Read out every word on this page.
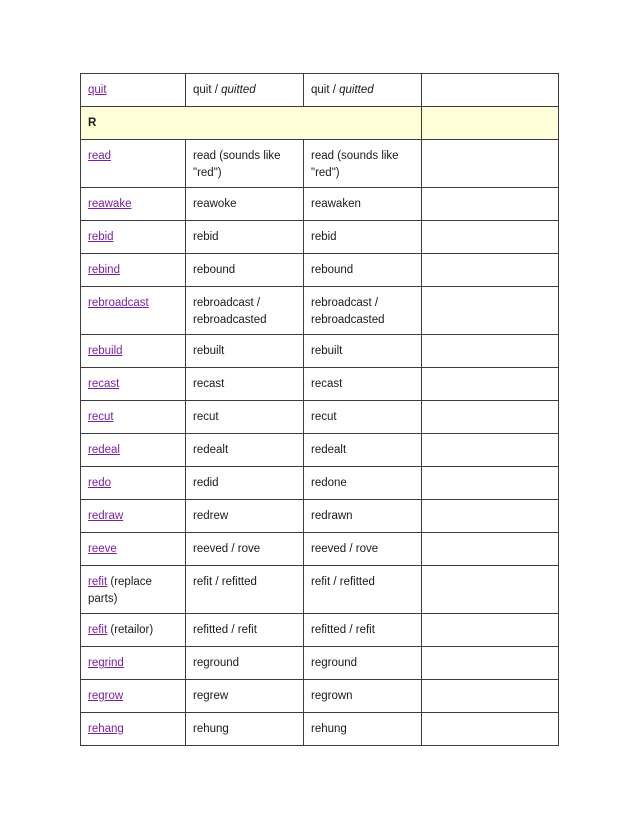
quit	quit / quitted	quit / quitted	
R			
read	read (sounds like "red")	read (sounds like "red")	
reawake	reawoke	reawaken	
rebid	rebid	rebid	
rebind	rebound	rebound	
rebroadcast	rebroadcast / rebroadcasted	rebroadcast / rebroadcasted	
rebuild	rebuilt	rebuilt	
recast	recast	recast	
recut	recut	recut	
redeal	redealt	redealt	
redo	redid	redone	
redraw	redrew	redrawn	
reeve	reeved / rove	reeved / rove	
refit (replace parts)	refit / refitted	refit / refitted	
refit (retailor)	refitted / refit	refitted / refit	
regrind	reground	reground	
regrow	regrew	regrown	
rehang	rehung	rehung	
